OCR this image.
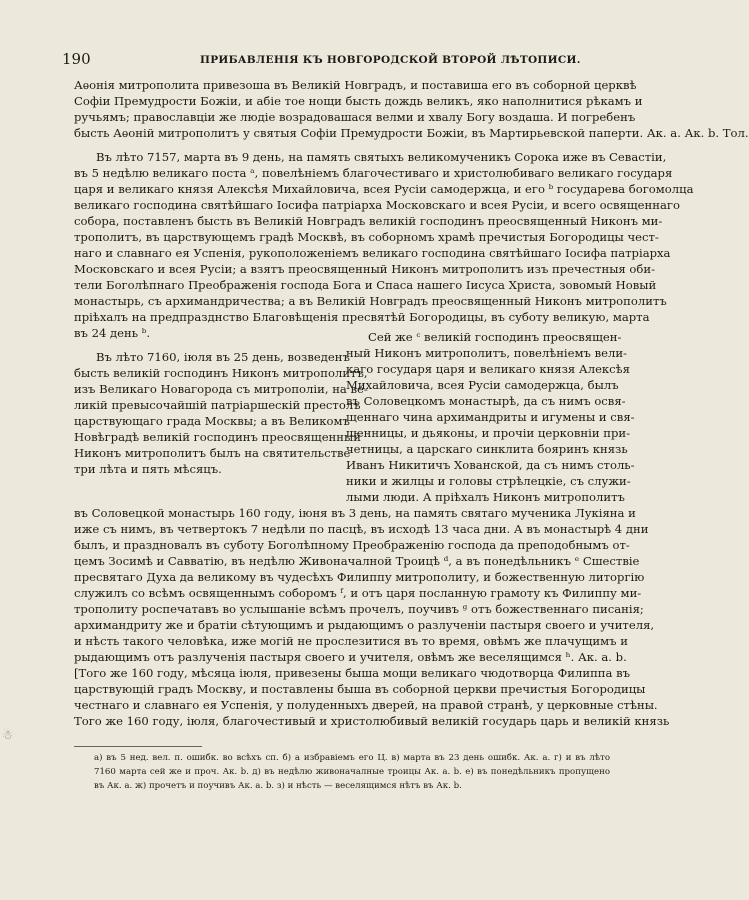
190	ПРИБАВЛЕНІЯ КЪ НОВГОРОДСКОЙ ВТОРОЙ ЛѢТОПИСИ.
Аѳонія митрополита привезоша въ Великій Новградъ, и поставиша его въ соборной церквѣ
Софіи Премудрости Божіи, и абіе тое нощи бысть дождь великъ, яко наполнитися рѣкамъ и
ручьямъ; православціи же людіе возрадовашася велми и хвалу Богу воздаша. И погребенъ
бысть Аѳоній митрополитъ у святыя Софіи Премудрости Божіи, въ Мартирьевской паперти. Ак. а. Ак. b. Тол.
Въ лѣто 7157, марта въ 9 день, на память святыхъ великомученикъ Сорока иже въ Севастіи,
въ 5 недѣлю великаго поста ᵃ, повелѣніемъ благочестиваго и христолюбиваго великаго государя
царя и великаго князя Алексѣя Михайловича, всея Русіи самодержца, и его ᵇ государева богомолца
великаго господина святѣйшаго Іосифа патріарха Московскаго и всея Русіи, и всего освященнаго
собора, поставленъ бысть въ Великій Новградъ великій господинъ преосвященный Никонъ ми-
трополитъ, въ царствующемъ градѣ Москвѣ, въ соборномъ храмѣ пречистыя Богородицы чест-
наго и славнаго ея Успенія, рукоположеніемъ великаго господина святѣйшаго Іосифа патріарха
Московскаго и всея Русіи; а взятъ преосвященный Никонъ митрополитъ изъ пречестныя оби-
тели Боголѣпнаго Преображенія господа Бога и Спаса нашего Іисуса Христа, зовомый Новый
монастырь, съ архимандричества; а въ Великій Новградъ преосвященный Никонъ митрополитъ
пріѣхалъ на предпразднство Благовѣщенія пресвятѣй Богородицы, въ суботу великую, марта
въ 24 день ᵇ.
Въ лѣто 7160, іюля въ 25 день, возведенъ
бысть великій господинъ Никонъ митрополитъ,
изъ Великаго Новагорода съ митрополіи, на ве-
ликій превысочайшій патріаршескій престолъ
царствующаго града Москвы; а въ Великомъ
Новѣградѣ великій господинъ преосвященный
Никонъ митрополитъ былъ на святительстве
три лѣта и пять мѣсяцъ.
Сей же ᶜ великій господинъ преосвящен-
ный Никонъ митрополитъ, повелѣніемъ вели-
каго государя царя и великаго князя Алексѣя
Михайловича, всея Русіи самодержца, былъ
въ Соловецкомъ монастырѣ, да съ нимъ освя-
щеннаго чина архимандриты и игумены и свя-
щенницы, и дьяконы, и прочіи церковніи при-
четницы, а царскаго синклита бояринъ князь
Иванъ Никитичъ Хованской, да съ нимъ столь-
ники и жилцы и головы стрѣлецкіе, съ служи-
лыми люди. А пріѣхалъ Никонъ митрополитъ
въ Соловецкой монастырь 160 году, іюня въ 3 день, на память святаго мученика Лукіяна и
иже съ нимъ, въ четвертокъ 7 недѣли по пасцѣ, въ исходѣ 13 часа дни. А въ монастырѣ 4 дни
былъ, и праздновалъ въ суботу Боголѣпному Преображенію господа да преподобнымъ от-
цемъ Зосимѣ и Савватію, въ недѣлю Живоначалной Троицѣ ᵈ, а въ понедѣльникъ ᵉ Сшествіе
пресвятаго Духа да великому въ чудесѣхъ Филиппу митрополиту, и божественную литоргію
служилъ со всѣмъ освященнымъ соборомъ ᶠ, и отъ царя посланную грамоту къ Филиппу ми-
трополиту роспечатавъ во услышаніе всѣмъ прочелъ, поучивъ ᵍ отъ божественнаго писанія;
архимандриту же и братіи сѣтующимъ и рыдающимъ о разлученіи пастыря своего и учителя,
и нѣсть такого человѣка, иже могій не прослезитися въ то время, овѣмъ же плачущимъ и
рыдающимъ отъ разлученія пастыря своего и учителя, овѣмъ же веселящимся ʰ. Ак. а. b.
[Того же 160 году, мѣсяца іюля, привезены быша мощи великаго чюдотворца Филиппа въ
царствующій градъ Москву, и поставлены быша въ соборной церкви пречистыя Богородицы
честнаго и славнаго ея Успенія, у полуденныхъ дверей, на правой странѣ, у церковные стѣны.
Того же 160 году, іюля, благочестивый и христолюбивый великій государь царь и великій князь
а) въ 5 нед. вел. п. ошибк. во всѣхъ сп. б) а избравіемъ его Ц. в) марта въ 23 день ошибк. Ак. а. г) и въ лѣто
7160 марта сей же и проч. Ак. b. д) въ недѣлю живоначалные троицы Ак. а. b. е) въ понедѣльникъ пропущено
въ Ак. а. ж) прочетъ и поучивъ Ак. а. b. з) и нѣсть — веселящимся нѣтъ въ Ак. b.
☃
